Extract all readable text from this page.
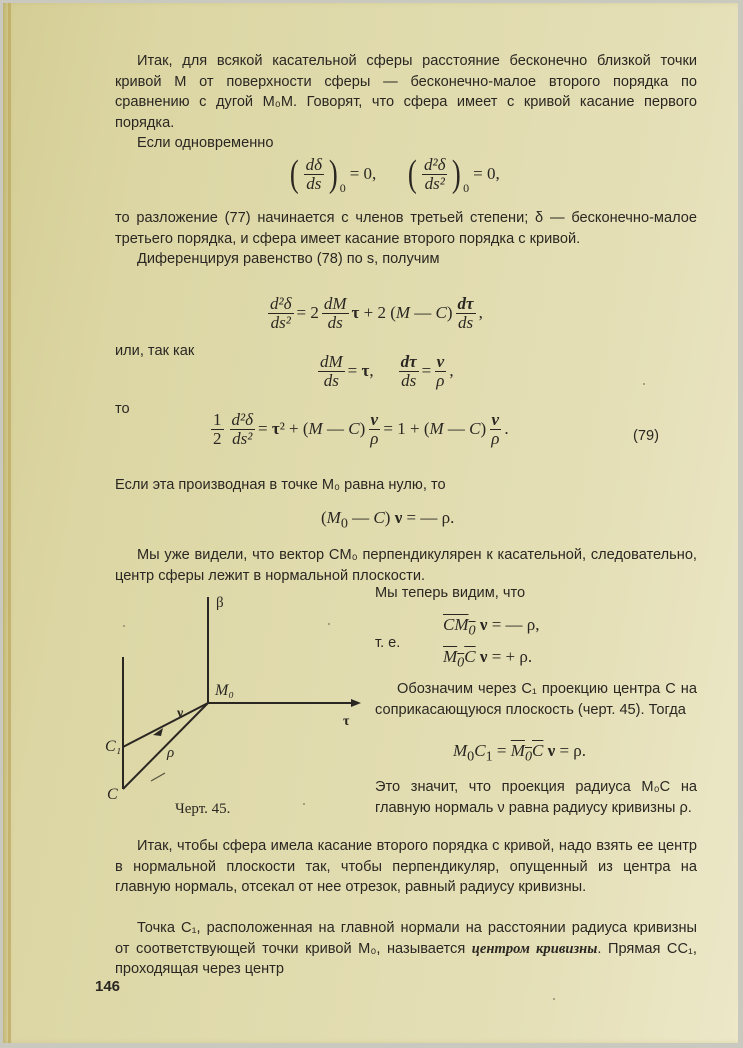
Итак, для всякой касательной сферы расстояние бесконечно близкой точки кривой M от поверхности сферы — бесконечно-малое второго порядка по сравнению с дугой M₀M. Говорят, что сфера имеет с кривой касание первого порядка.

Если одновременно

( $\frac{d\delta}{ds}$ ) 0
= 0, ( $\frac{\text{d²δ}}{\text{ds²}}$ ) 0
= 0,

то разложение (77) начинается с членов третьей степени; δ — бесконечно-малое третьего порядка, и сфера имеет касание второго порядка с кривой.

Диференцируя равенство (78) по s, получим

$\frac{\text{d²δ}}{\text{ds²}} = 2 \frac{dM}{ds}$ τ + 2 (M — $C) \frac{d\tau}{ds}$ ,
или, так как
$\frac{dM}{ds} = \tau$, $\frac{d\tau}{ds} = \frac{\nu}{\rho}$ ,
то
$\frac{1}{2} \frac{\text{d²δ}}{\text{ds²}} = \tau^2 + (M$ — $C) \frac{\nu}{\rho} = 1 + (M$ — $C) \frac{\nu}{\rho}$ .	(79)

Если эта производная в точке M₀ равна нулю, то

($M_0$ — C) ν = — ρ.

Мы уже видели, что вектор CM₀ перпендикулярен к касательной, следовательно, центр сферы лежит в нормальной плоскости.

Мы теперь видим, что
$CM_0$ ν = — ρ,
т. е.
$M_0C$ ν = + ρ.

Обозначим через C₁ проекцию центра C на соприкасающуюся плоскость (черт. 45). Тогда

$M_0C_1 = M_0C$ ν = ρ.

Это значит, что проекция радиуса M₀C на главную нормаль ν равна радиусу кривизны ρ.

β
M₀
τ
ν
ρ
C₁
C
Черт. 45.

Итак, чтобы сфера имела касание второго порядка с кривой, надо взять ее центр в нормальной плоскости так, чтобы перпендикуляр, опущенный из центра на главную нормаль, отсекал от нее отрезок, равный радиусу кривизны.

Точка C₁, расположенная на главной нормали на расстоянии радиуса кривизны от соответствующей точки кривой M₀, называется центром кривизны. Прямая CC₁, проходящая через центр

146
